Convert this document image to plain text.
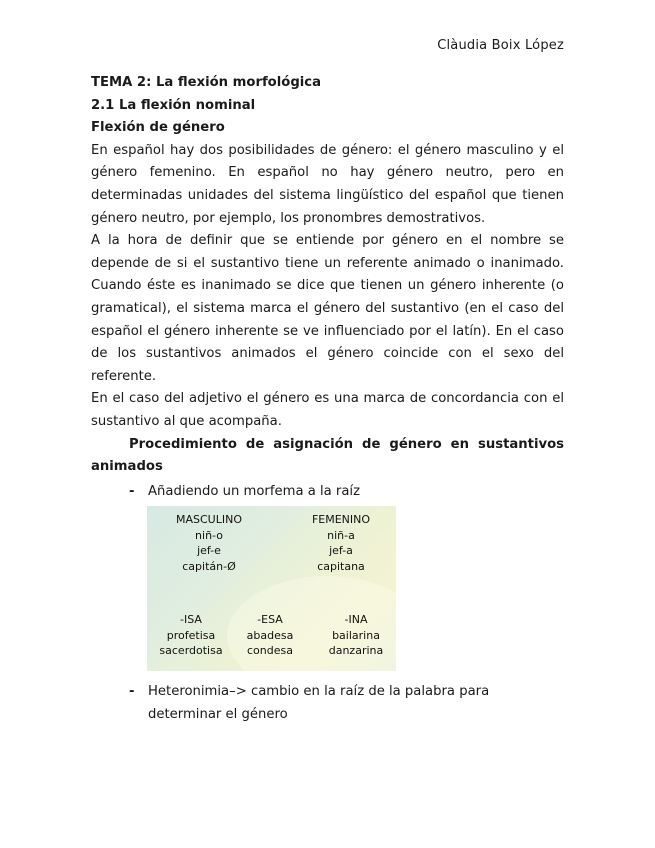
Clàudia Boix López
TEMA 2: La flexión morfológica
2.1 La flexión nominal
Flexión de género

En español hay dos posibilidades de género: el género masculino y el género femenino. En español no hay género neutro, pero en determinadas unidades del sistema lingüístico del español que tienen género neutro, por ejemplo, los pronombres demostrativos.

A la hora de definir que se entiende por género en el nombre se depende de si el sustantivo tiene un referente animado o inanimado. Cuando éste es inanimado se dice que tienen un género inherente (o gramatical), el sistema marca el género del sustantivo (en el caso del español el género inherente se ve influenciado por el latín). En el caso de los sustantivos animados el género coincide con el sexo del referente.

En el caso del adjetivo el género es una marca de concordancia con el sustantivo al que acompaña.

Procedimiento de asignación de género en sustantivos animados
- Añadiendo un morfema a la raíz
MASCULINO
niñ-o
jef-e
capitán-Ø
FEMENINO
niñ-a
jef-a
capitana
-ISA
profetisa
sacerdotisa
-ESA
abadesa
condesa
-INA
bailarina
danzarina
- Heteronimia–> cambio en la raíz de la palabra para determinar el género
